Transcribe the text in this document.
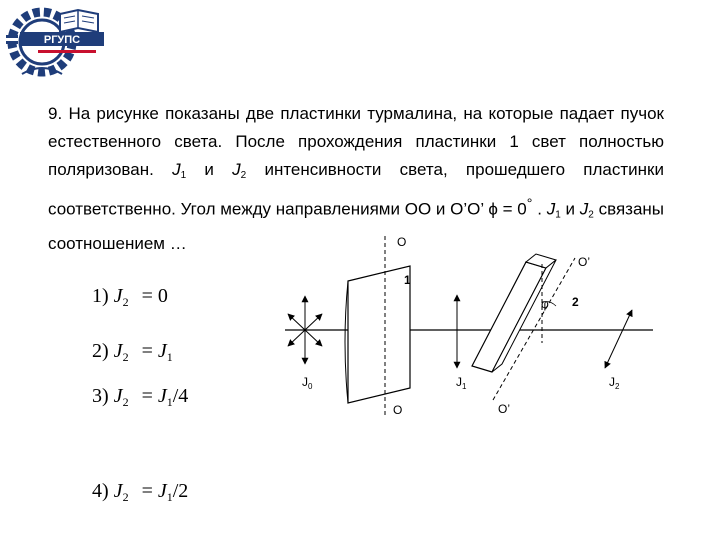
РГУПС
9. На рисунке показаны две пластинки турмалина, на которые падает пучок естественного света. После прохождения пластинки 1 свет полностью поляризован. $J_1$ и $J_2$ интенсивности света, прошедшего пластинки соответственно. Угол между направлениями ОО и О’О’ ϕ = 0° . $J_1$ и $J_2$ связаны соотношением …
1) $J_2 = 0$
2) $J_2 = J_1$
3) $J_2 = J_1/4$
4) $J_2 = J_1/2$
$J_0$
O
O
1
$J_1$
O’
O’
2
φ
$J_2$
